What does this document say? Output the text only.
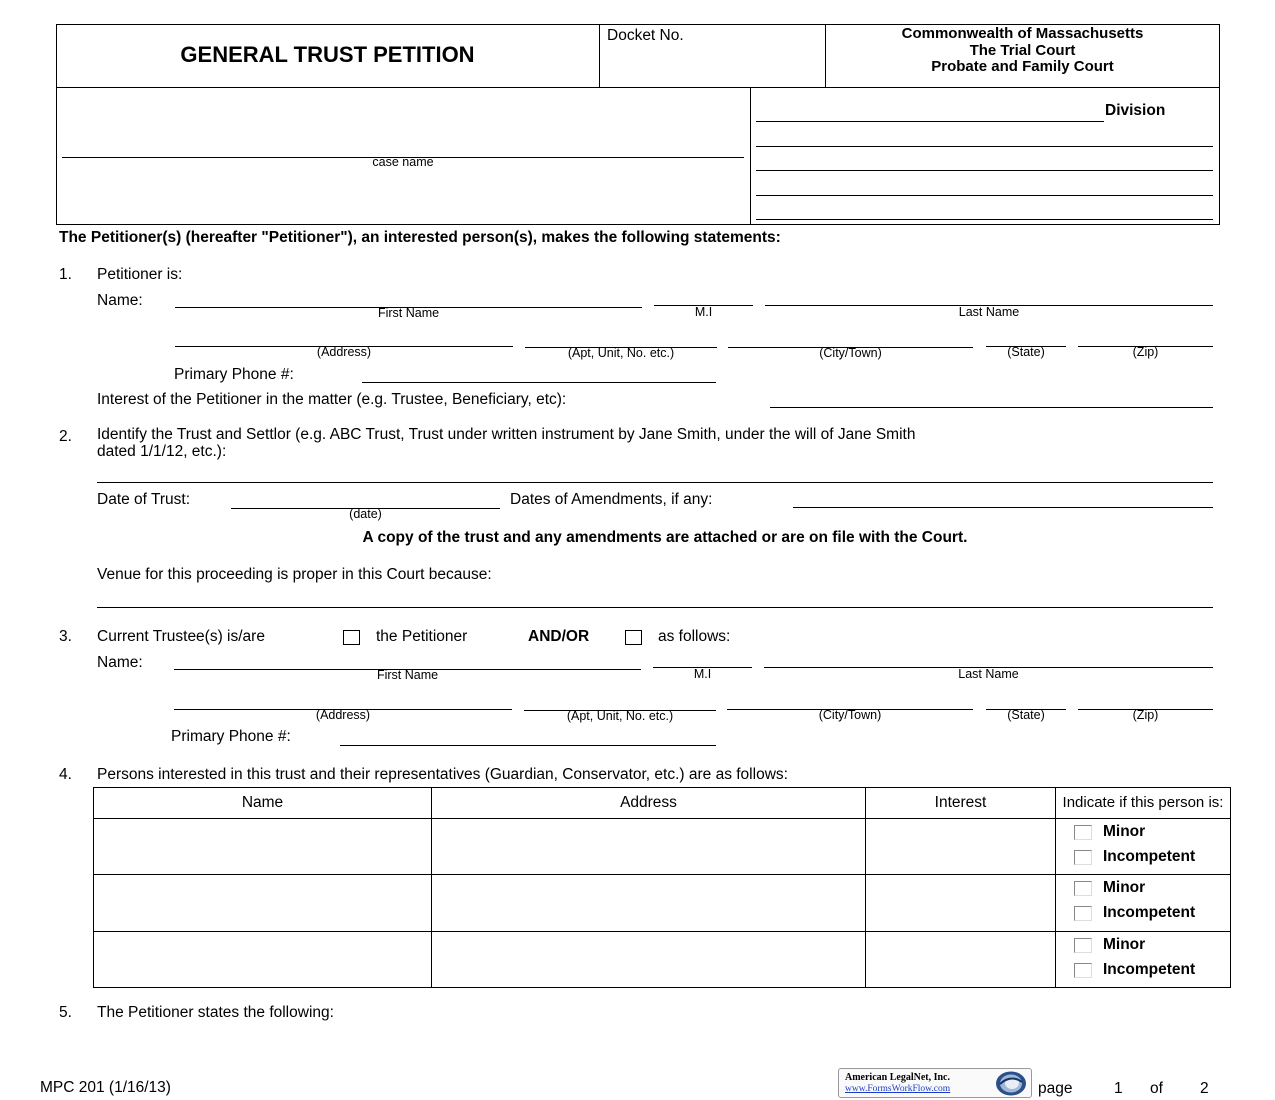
GENERAL TRUST PETITION
Docket No.	Commonwealth of Massachusetts
The Trial Court
Probate and Family Court
case name
Division
The Petitioner(s) (hereafter "Petitioner"), an interested person(s), makes the following statements:
1. Petitioner is:
Name:
First Name	M.I	Last Name
(Address)	(Apt, Unit, No. etc.)	(City/Town)	(State)	(Zip)
Primary Phone #:
Interest of the Petitioner in the matter (e.g. Trustee, Beneficiary, etc):
2. Identify the Trust and Settlor (e.g. ABC Trust, Trust under written instrument by Jane Smith, under the will of Jane Smith
dated 1/1/12, etc.):
Date of Trust:
(date)
Dates of Amendments, if any:
A copy of the trust and any amendments are attached or are on file with the Court.
Venue for this proceeding is proper in this Court because:
3. Current Trustee(s) is/are	the Petitioner	AND/OR	as follows:
Name:
First Name	M.I	Last Name
(Address)	(Apt, Unit, No. etc.)	(City/Town)	(State)	(Zip)
Primary Phone #:
4. Persons interested in this trust and their representatives (Guardian, Conservator, etc.) are as follows:
Name	Address	Interest	Indicate if this person is:

			Minor
Incompetent

			Minor
Incompetent

			Minor
Incompetent
5. The Petitioner states the following:
MPC 201 (1/16/13)
American LegalNet, Inc.
www.FormsWorkFlow.com	page	1 of 2
